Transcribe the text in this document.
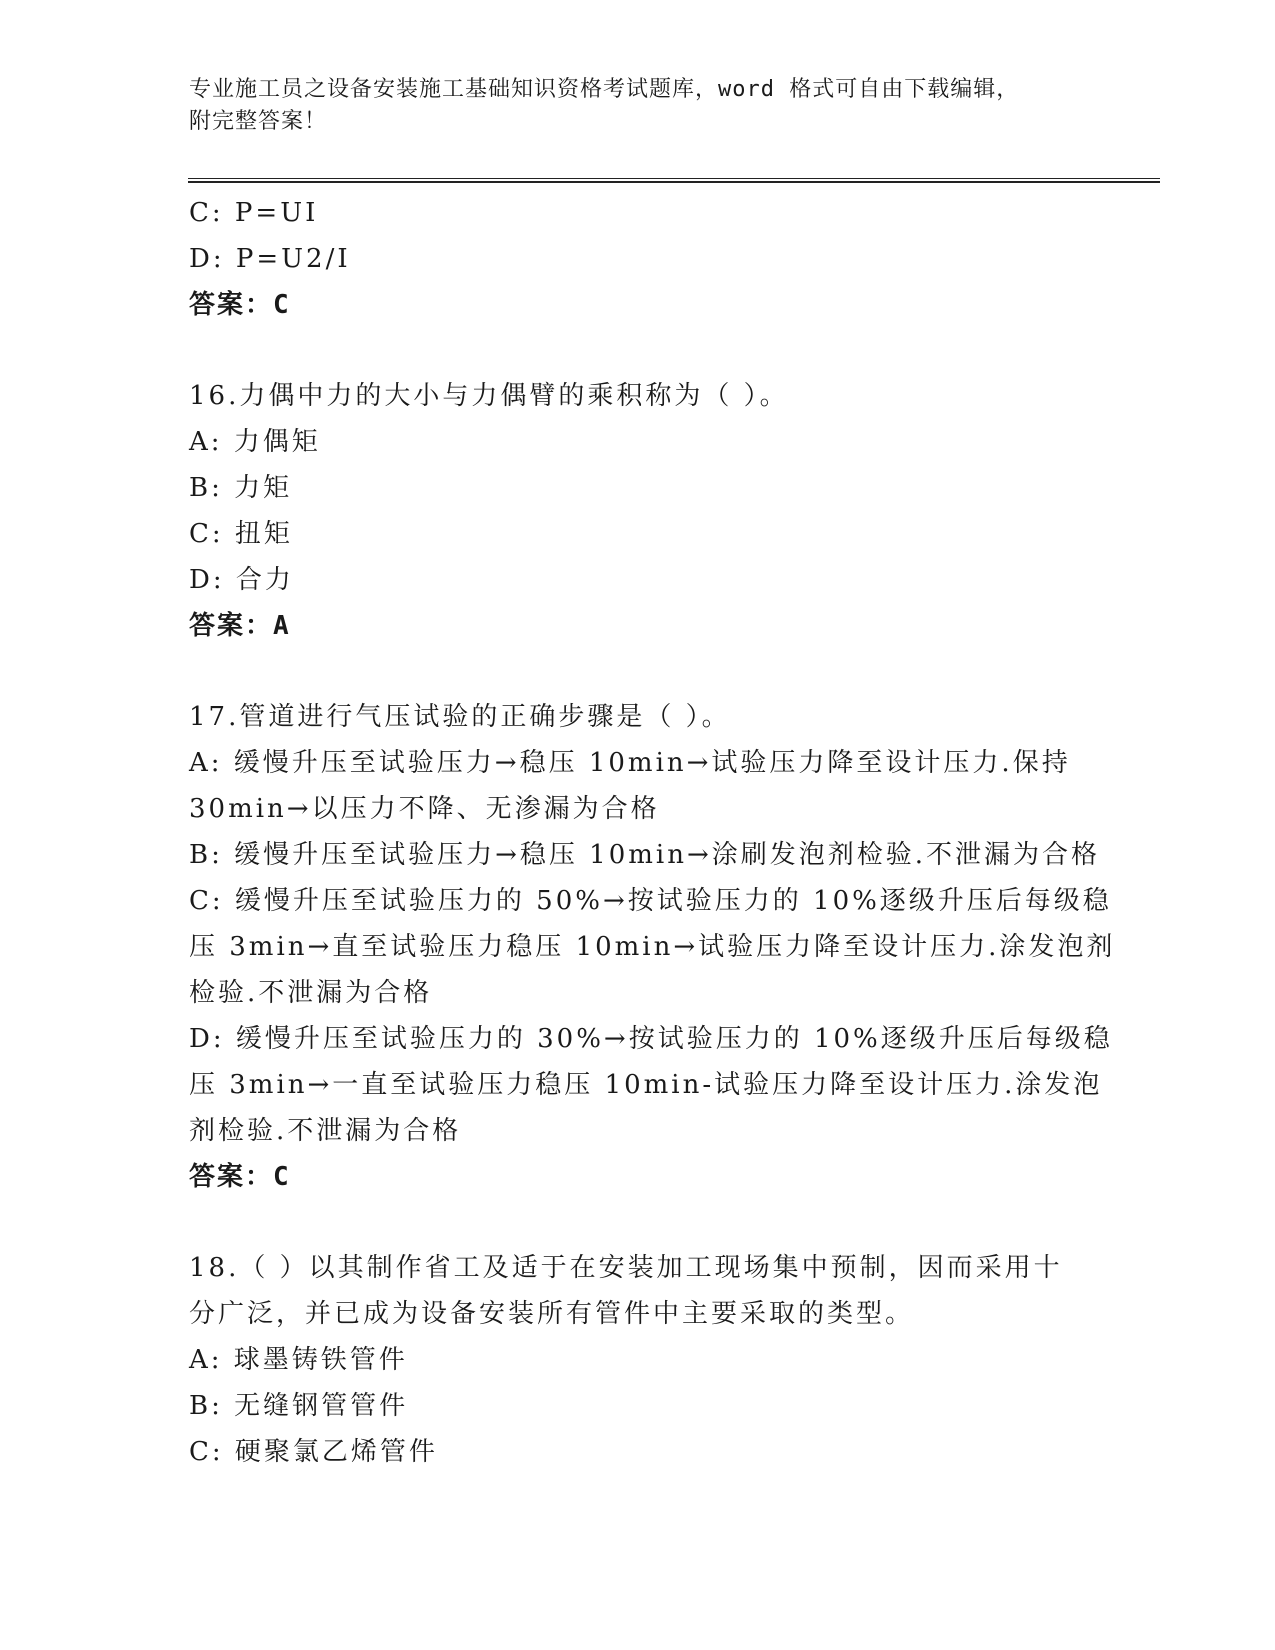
专业施工员之设备安装施工基础知识资格考试题库，word 格式可自由下载编辑，
附完整答案！
C: P=UI
D: P=U2/I
答案：C
16.力偶中力的大小与力偶臂的乘积称为（ ）。
A: 力偶矩
B: 力矩
C: 扭矩
D: 合力
答案：A
17.管道进行气压试验的正确步骤是（ ）。
A: 缓慢升压至试验压力→稳压 10min→试验压力降至设计压力.保持
30min→以压力不降、无渗漏为合格
B: 缓慢升压至试验压力→稳压 10min→涂刷发泡剂检验.不泄漏为合格
C: 缓慢升压至试验压力的 50%→按试验压力的 10%逐级升压后每级稳
压 3min→直至试验压力稳压 10min→试验压力降至设计压力.涂发泡剂
检验.不泄漏为合格
D: 缓慢升压至试验压力的 30%→按试验压力的 10%逐级升压后每级稳
压 3min→一直至试验压力稳压 10min-试验压力降至设计压力.涂发泡
剂检验.不泄漏为合格
答案：C
18.（ ）以其制作省工及适于在安装加工现场集中预制，因而采用十
分广泛，并已成为设备安装所有管件中主要采取的类型。
A: 球墨铸铁管件
B: 无缝钢管管件
C: 硬聚氯乙烯管件
